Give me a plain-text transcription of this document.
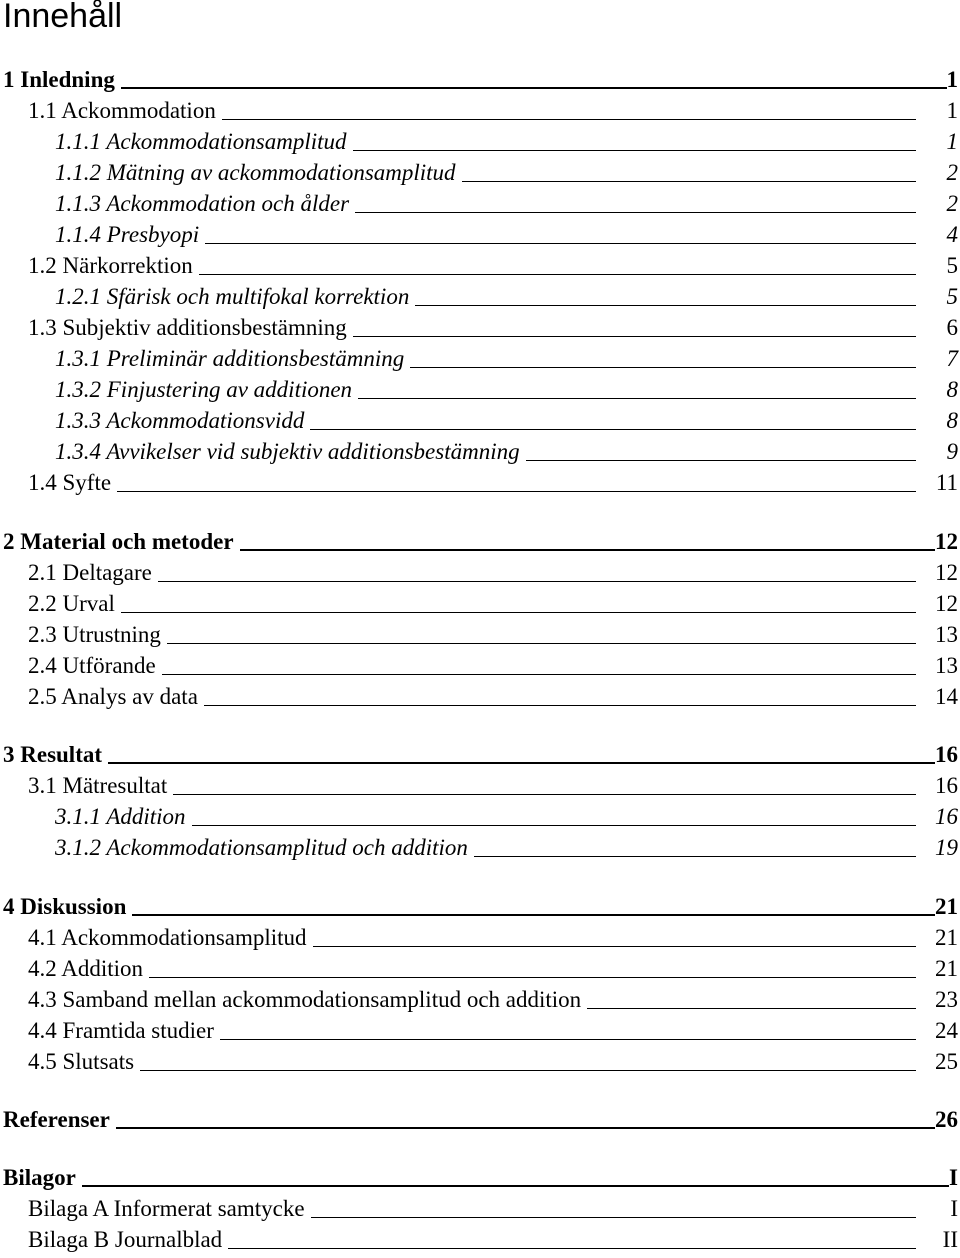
Innehåll
1 Inledning	1
1.1 Ackommodation	1
1.1.1 Ackommodationsamplitud	1
1.1.2 Mätning av ackommodationsamplitud	2
1.1.3 Ackommodation och ålder	2
1.1.4 Presbyopi	4
1.2 Närkorrektion	5
1.2.1 Sfärisk och multifokal korrektion	5
1.3 Subjektiv additionsbestämning	6
1.3.1 Preliminär additionsbestämning	7
1.3.2 Finjustering av additionen	8
1.3.3 Ackommodationsvidd	8
1.3.4 Avvikelser vid subjektiv additionsbestämning	9
1.4 Syfte	11
2 Material och metoder	12
2.1 Deltagare	12
2.2 Urval	12
2.3 Utrustning	13
2.4 Utförande	13
2.5 Analys av data	14
3 Resultat	16
3.1 Mätresultat	16
3.1.1 Addition	16
3.1.2 Ackommodationsamplitud och addition	19
4 Diskussion	21
4.1 Ackommodationsamplitud	21
4.2 Addition	21
4.3 Samband mellan ackommodationsamplitud och addition	23
4.4 Framtida studier	24
4.5 Slutsats	25
Referenser	26
Bilagor	I
Bilaga A Informerat samtycke	I
Bilaga B Journalblad	II
